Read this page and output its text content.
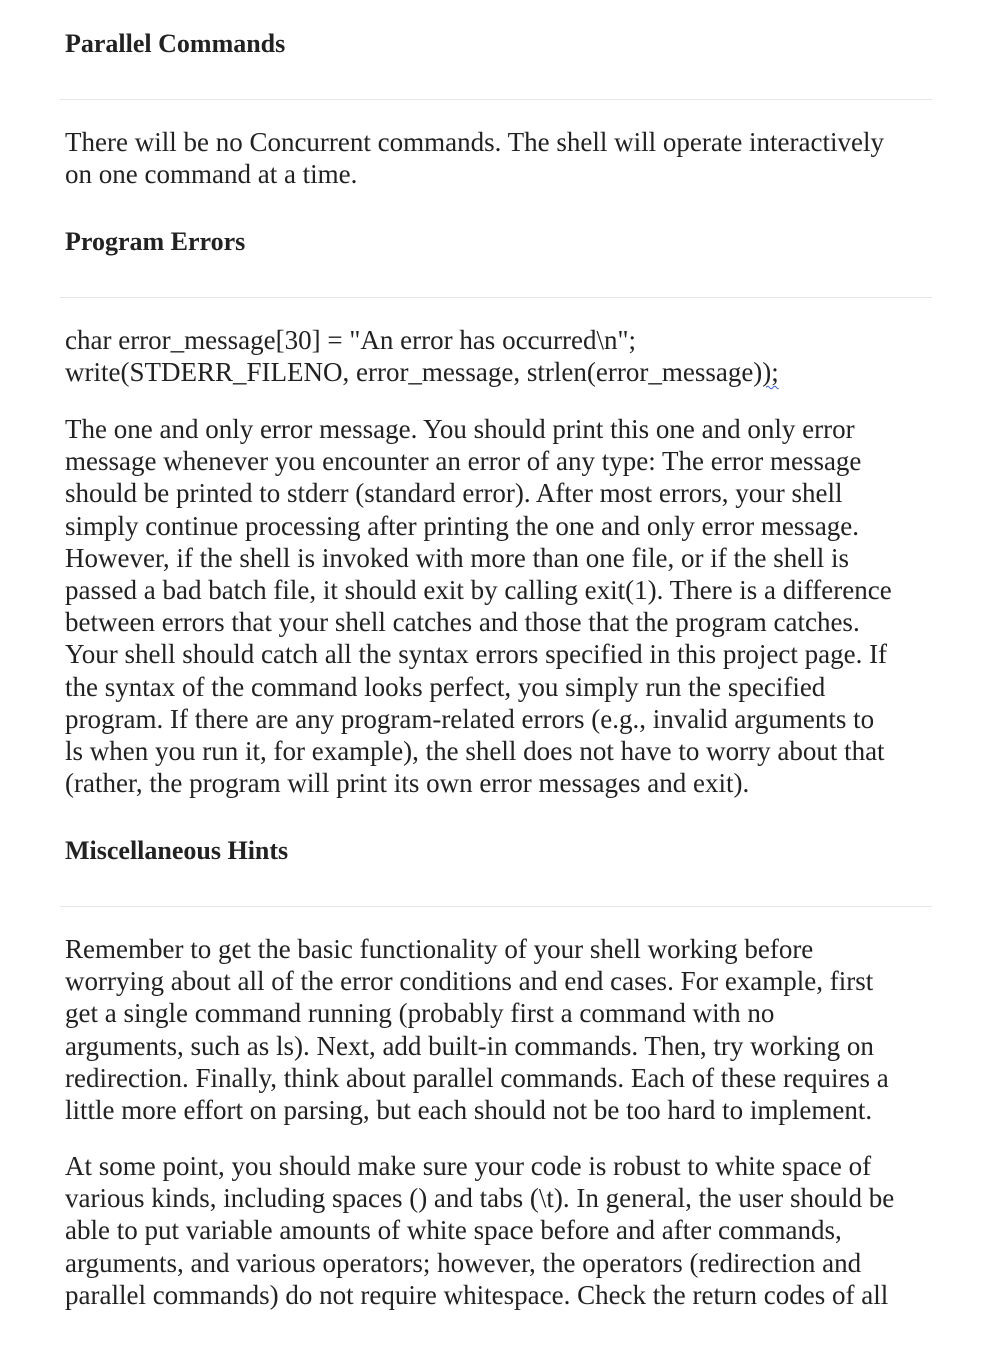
Parallel Commands

There will be no Concurrent commands. The shell will operate interactively
on one command at a time.

Program Errors

char error_message[30] = "An error has occurred\n";
write(STDERR_FILENO, error_message, strlen(error_message));

The one and only error message. You should print this one and only error
message whenever you encounter an error of any type: The error message
should be printed to stderr (standard error). After most errors, your shell
simply continue processing after printing the one and only error message.
However, if the shell is invoked with more than one file, or if the shell is
passed a bad batch file, it should exit by calling exit(1). There is a difference
between errors that your shell catches and those that the program catches.
Your shell should catch all the syntax errors specified in this project page. If
the syntax of the command looks perfect, you simply run the specified
program. If there are any program-related errors (e.g., invalid arguments to
ls when you run it, for example), the shell does not have to worry about that
(rather, the program will print its own error messages and exit).

Miscellaneous Hints

Remember to get the basic functionality of your shell working before
worrying about all of the error conditions and end cases. For example, first
get a single command running (probably first a command with no
arguments, such as ls). Next, add built-in commands. Then, try working on
redirection. Finally, think about parallel commands. Each of these requires a
little more effort on parsing, but each should not be too hard to implement.

At some point, you should make sure your code is robust to white space of
various kinds, including spaces () and tabs (\t). In general, the user should be
able to put variable amounts of white space before and after commands,
arguments, and various operators; however, the operators (redirection and
parallel commands) do not require whitespace. Check the return codes of all
